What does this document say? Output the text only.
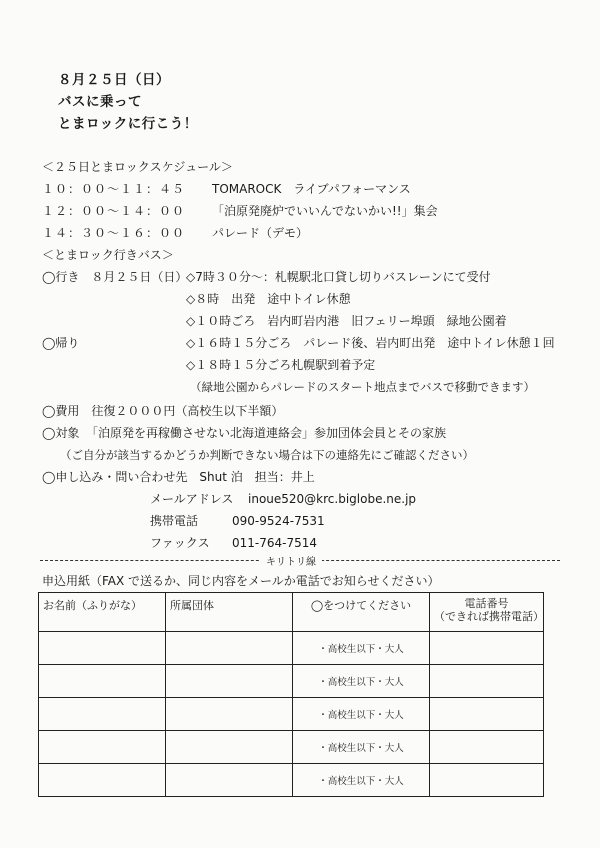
８月２５日（日）
バスに乗って
とまロックに行こう！
＜２５日とまロックスケジュール＞
１０：００～１１：４５ TOMAROCK　ライブパフォーマンス
１２：００～１４：００ 「泊原発廃炉でいいんでないかい!!」集会
１４：３０～１６：００ パレード（デモ）
＜とまロック行きバス＞
◯行き　８月２５日（日）
◇7時３０分～：札幌駅北口貸し切りバスレーンにて受付
◇８時　出発　途中トイレ休憩
◇１０時ごろ　岩内町岩内港　旧フェリー埠頭　緑地公園着
◯帰り	◇１６時１５分ごろ　パレード後、岩内町出発　途中トイレ休憩１回
◇１８時１５分ごろ札幌駅到着予定
（緑地公園からパレードのスタート地点までバスで移動できます）
◯費用　往復２０００円（高校生以下半額）
◯対象 「泊原発を再稼働させない北海道連絡会」参加団体会員とその家族
（ご自分が該当するかどうか判断できない場合は下の連絡先にご確認ください）
◯申し込み・問い合わせ先　Shut 泊　担当：井上
メールアドレス inoue520@krc.biglobe.ne.jp
携帯電話	090-9524-7531
ファックス 011-764-7514
キリトリ線
申込用紙（FAX で送るか、同じ内容をメールか電話でお知らせください）
お名前（ふりがな）	所属団体	◯をつけてください	電話番号
（できれば携帯電話）

		・高校生以下・大人	
		・高校生以下・大人	
		・高校生以下・大人	
		・高校生以下・大人	
		・高校生以下・大人	
